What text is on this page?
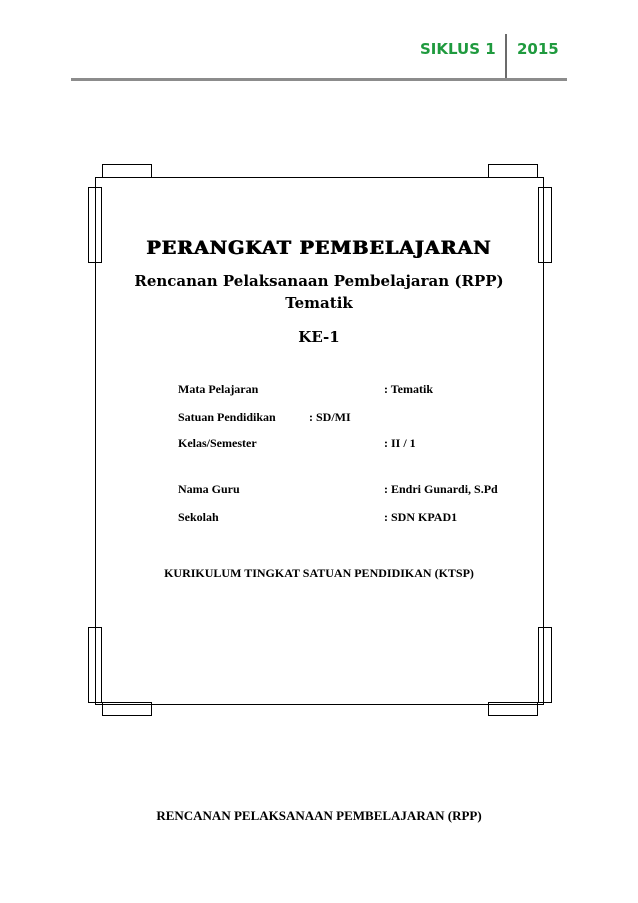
SIKLUS 1 2015
PERANGKAT PEMBELAJARAN
Rencanan Pelaksanaan Pembelajaran (RPP)
Tematik
KE-1
Mata Pelajaran	: Tematik
Satuan Pendidikan	: SD/MI
Kelas/Semester	: II / 1
Nama Guru	: Endri Gunardi, S.Pd
Sekolah	: SDN KPAD1
KURIKULUM TINGKAT SATUAN PENDIDIKAN (KTSP)
RENCANAN PELAKSANAAN PEMBELAJARAN (RPP)
